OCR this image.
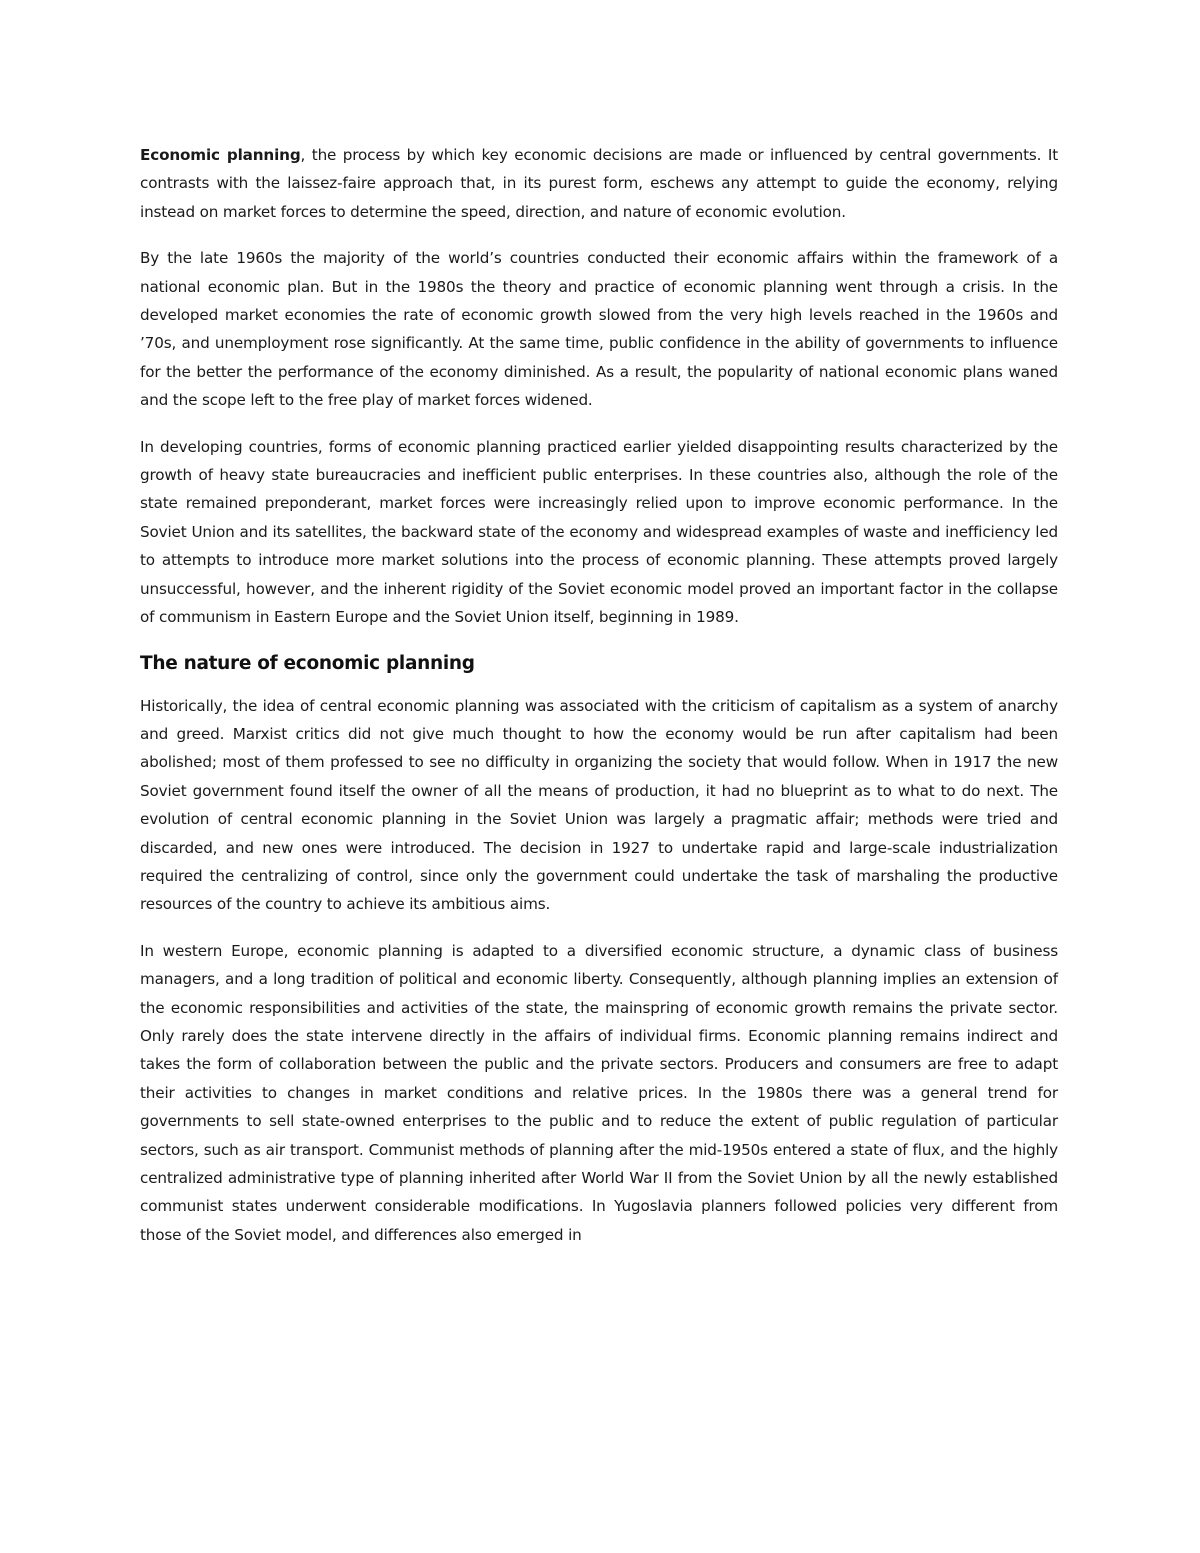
Economic planning, the process by which key economic decisions are made or influenced by central governments. It contrasts with the laissez-faire approach that, in its purest form, eschews any attempt to guide the economy, relying instead on market forces to determine the speed, direction, and nature of economic evolution.

By the late 1960s the majority of the world’s countries conducted their economic affairs within the framework of a national economic plan. But in the 1980s the theory and practice of economic planning went through a crisis. In the developed market economies the rate of economic growth slowed from the very high levels reached in the 1960s and ’70s, and unemployment rose significantly. At the same time, public confidence in the ability of governments to influence for the better the performance of the economy diminished. As a result, the popularity of national economic plans waned and the scope left to the free play of market forces widened.

In developing countries, forms of economic planning practiced earlier yielded disappointing results characterized by the growth of heavy state bureaucracies and inefficient public enterprises. In these countries also, although the role of the state remained preponderant, market forces were increasingly relied upon to improve economic performance. In the Soviet Union and its satellites, the backward state of the economy and widespread examples of waste and inefficiency led to attempts to introduce more market solutions into the process of economic planning. These attempts proved largely unsuccessful, however, and the inherent rigidity of the Soviet economic model proved an important factor in the collapse of communism in Eastern Europe and the Soviet Union itself, beginning in 1989.

The nature of economic planning

Historically, the idea of central economic planning was associated with the criticism of capitalism as a system of anarchy and greed. Marxist critics did not give much thought to how the economy would be run after capitalism had been abolished; most of them professed to see no difficulty in organizing the society that would follow. When in 1917 the new Soviet government found itself the owner of all the means of production, it had no blueprint as to what to do next. The evolution of central economic planning in the Soviet Union was largely a pragmatic affair; methods were tried and discarded, and new ones were introduced. The decision in 1927 to undertake rapid and large-scale industrialization required the centralizing of control, since only the government could undertake the task of marshaling the productive resources of the country to achieve its ambitious aims.

In western Europe, economic planning is adapted to a diversified economic structure, a dynamic class of business managers, and a long tradition of political and economic liberty. Consequently, although planning implies an extension of the economic responsibilities and activities of the state, the mainspring of economic growth remains the private sector. Only rarely does the state intervene directly in the affairs of individual firms. Economic planning remains indirect and takes the form of collaboration between the public and the private sectors. Producers and consumers are free to adapt their activities to changes in market conditions and relative prices. In the 1980s there was a general trend for governments to sell state-owned enterprises to the public and to reduce the extent of public regulation of particular sectors, such as air transport. Communist methods of planning after the mid-1950s entered a state of flux, and the highly centralized administrative type of planning inherited after World War II from the Soviet Union by all the newly established communist states underwent considerable modifications. In Yugoslavia planners followed policies very different from those of the Soviet model, and differences also emerged in
